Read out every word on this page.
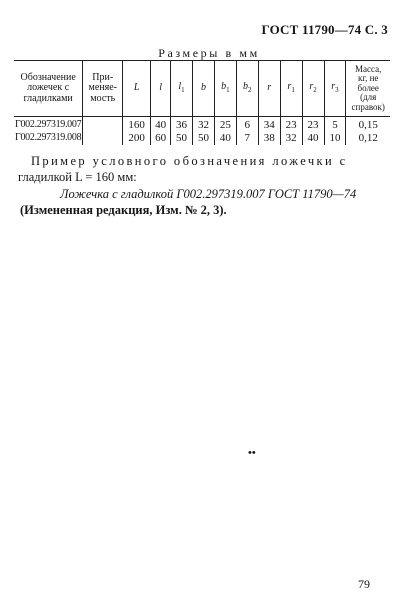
ГОСТ 11790—74 С. 3
Размеры в мм
Обозначение
ложечек с
гладилками	При-
меняе-
мость	L	l	$l_1$	b	$b_1$	$b_2$	r	$r_1$	$r_2$	$r_3$	Масса,
кг, не
более
(для
справок)
Г002.297319.007		160	40	36	32	25	6	34	23	23	5	0,15
Г002.297319.008		200	60	50	50	40	7	38	32	40	10	0,12
Пример условного обозначения ложечки с
гладилкой L = 160 мм:
Ложечка с гладилкой Г002.297319.007 ГОСТ 11790—74
(Измененная редакция, Изм. № 2, 3).
••
79
